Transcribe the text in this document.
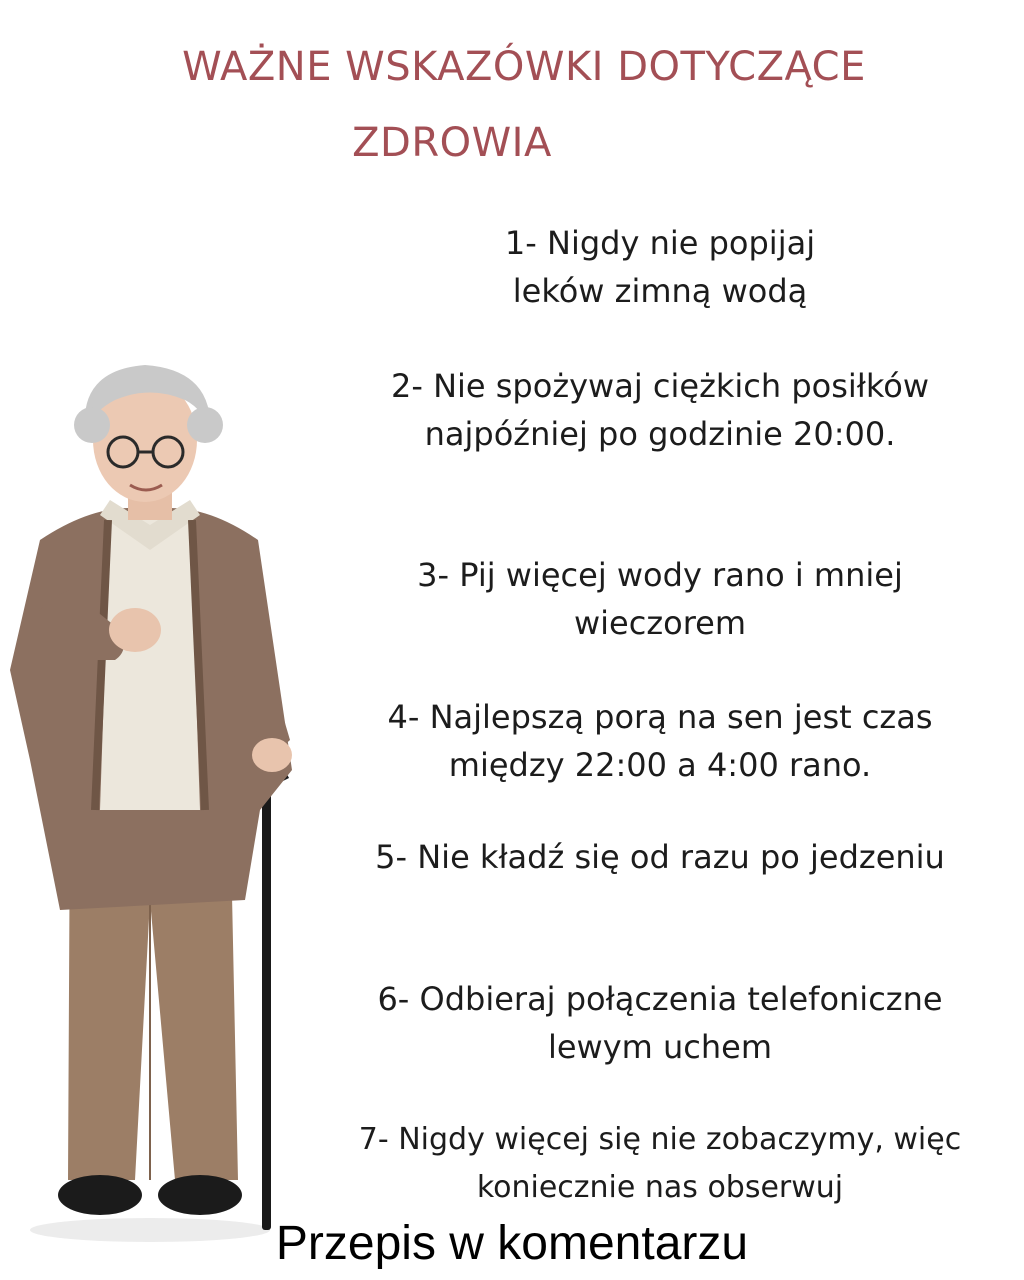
WAŻNE WSKAZÓWKI DOTYCZĄCE
ZDROWIA

1- Nigdy nie popijaj
leków zimną wodą

2- Nie spożywaj ciężkich posiłków
najpóźniej po godzinie 20:00.

3- Pij więcej wody rano i mniej
wieczorem

4- Najlepszą porą na sen jest czas
między 22:00 a 4:00 rano.

5- Nie kładź się od razu po jedzeniu

6- Odbieraj połączenia telefoniczne
lewym uchem

7- Nigdy więcej się nie zobaczymy, więc
koniecznie nas obserwuj

Przepis w komentarzu
